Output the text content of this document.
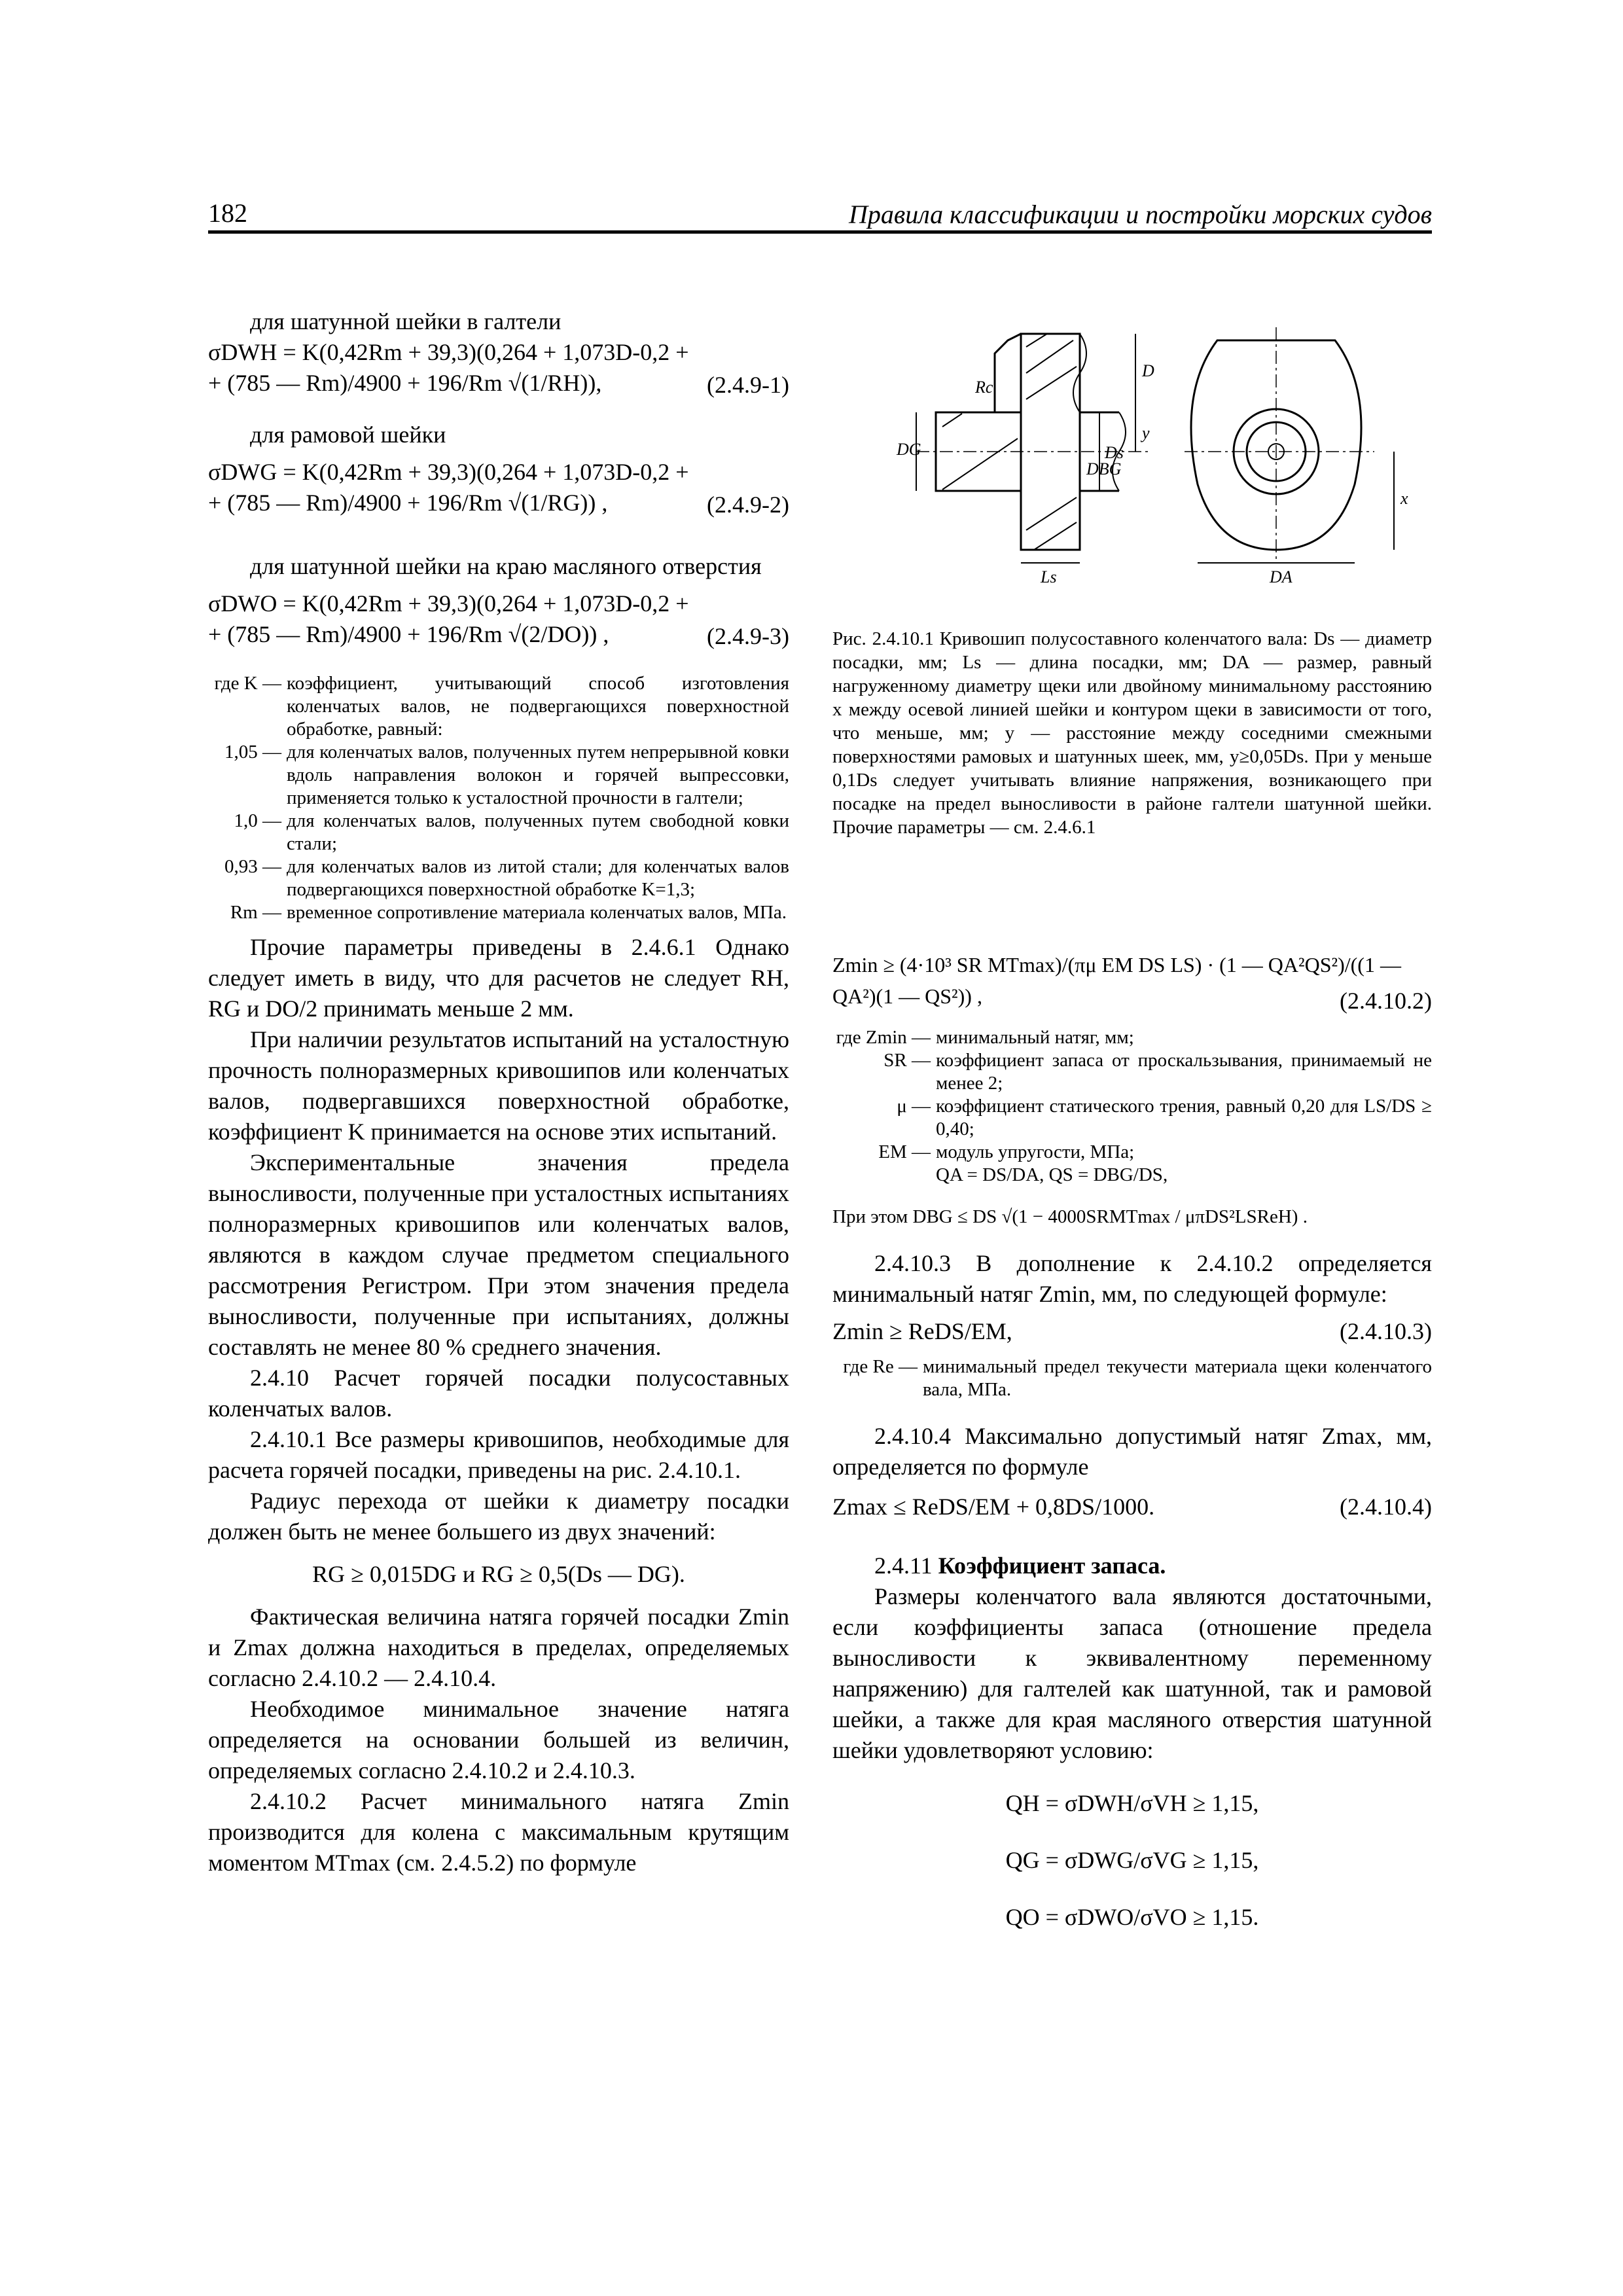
182	Правила классификации и постройки морских судов

для шатунной шейки в галтели

σDWH = K(0,42Rm + 39,3)(0,264 + 1,073D-0,2 +
+ (785 — Rm)/4900 + 196/Rm √(1/RH)),	(2.4.9-1)

для рамовой шейки

σDWG = K(0,42Rm + 39,3)(0,264 + 1,073D-0,2 +
+ (785 — Rm)/4900 + 196/Rm √(1/RG)) ,	(2.4.9-2)

для шатунной шейки на краю масляного отверстия

σDWO = K(0,42Rm + 39,3)(0,264 + 1,073D-0,2 +
+ (785 — Rm)/4900 + 196/Rm √(2/DO)) ,	(2.4.9-3)
где K — коэффициент, учитывающий способ изготовления коленчатых валов, не подвергающихся поверхностной обработке, равный:
1,05 — для коленчатых валов, полученных путем непрерывной ковки вдоль направления волокон и горячей выпрессовки, применяется только к усталостной прочности в галтели;
1,0 — для коленчатых валов, полученных путем свободной ковки стали;
0,93 — для коленчатых валов из литой стали; для коленчатых валов подвергающихся поверхностной обработке K=1,3;
Rm — временное сопротивление материала коленчатых валов, МПа.

Прочие параметры приведены в 2.4.6.1 Однако следует иметь в виду, что для расчетов не следует RH, RG и DO/2 принимать меньше 2 мм.

При наличии результатов испытаний на усталостную прочность полноразмерных кривошипов или коленчатых валов, подвергавшихся поверхностной обработке, коэффициент K принимается на основе этих испытаний.

Экспериментальные значения предела выносливости, полученные при усталостных испытаниях полноразмерных кривошипов или коленчатых валов, являются в каждом случае предметом специального рассмотрения Регистром. При этом значения предела выносливости, полученные при испытаниях, должны составлять не менее 80 % среднего значения.

2.4.10 Расчет горячей посадки полусоставных коленчатых валов.

2.4.10.1 Все размеры кривошипов, необходимые для расчета горячей посадки, приведены на рис. 2.4.10.1.

Радиус перехода от шейки к диаметру посадки должен быть не менее большего из двух значений:

RG ≥ 0,015DG и RG ≥ 0,5(Ds — DG).

Фактическая величина натяга горячей посадки Zmin и Zmax должна находиться в пределах, определяемых согласно 2.4.10.2 — 2.4.10.4.

Необходимое минимальное значение натяга определяется на основании большей из величин, определяемых согласно 2.4.10.2 и 2.4.10.3.

2.4.10.2 Расчет минимального натяга Zmin производится для колена с максимальным крутящим моментом MTmax (см. 2.4.5.2) по формуле

D
y
Ds
DBG
DG
Rc
Ls
x
DA
Рис. 2.4.10.1 Кривошип полусоставного коленчатого вала: Ds — диаметр посадки, мм; Ls — длина посадки, мм; DA — размер, равный нагруженному диаметру щеки или двойному минимальному расстоянию x между осевой линией шейки и контуром щеки в зависимости от того, что меньше, мм; y — расстояние между соседними смежными поверхностями рамовых и шатунных шеек, мм, y≥0,05Ds. При y меньше 0,1Ds следует учитывать влияние напряжения, возникающего при посадке на предел выносливости в районе галтели шатунной шейки. Прочие параметры — см. 2.4.6.1
Zmin ≥ (4·10³ SR MTmax)/(πμ EM DS LS) · (1 — QA²QS²)/((1 — QA²)(1 — QS²)) ,	(2.4.10.2)
где Zmin — минимальный натяг, мм;
SR — коэффициент запаса от проскальзывания, принимаемый не менее 2;
μ — коэффициент статического трения, равный 0,20 для LS/DS ≥ 0,40;
EM — модуль упругости, МПа;
QA = DS/DA, QS = DBG/DS,
При этом DBG ≤ DS √(1 − 4000SRMTmax / μπDS²LSReH) .

2.4.10.3 В дополнение к 2.4.10.2 определяется минимальный натяг Zmin, мм, по следующей формуле:

Zmin ≥ ReDS/EM,	(2.4.10.3)
где Re — минимальный предел текучести материала щеки коленчатого вала, МПа.

2.4.10.4 Максимально допустимый натяг Zmax, мм, определяется по формуле

Zmax ≤ ReDS/EM + 0,8DS/1000.	(2.4.10.4)

2.4.11 Коэффициент запаса.

Размеры коленчатого вала являются достаточными, если коэффициенты запаса (отношение предела выносливости к эквивалентному переменному напряжению) для галтелей как шатунной, так и рамовой шейки, а также для края масляного отверстия шатунной шейки удовлетворяют условию:

QH = σDWH/σVH ≥ 1,15,
QG = σDWG/σVG ≥ 1,15,
QO = σDWO/σVO ≥ 1,15.
